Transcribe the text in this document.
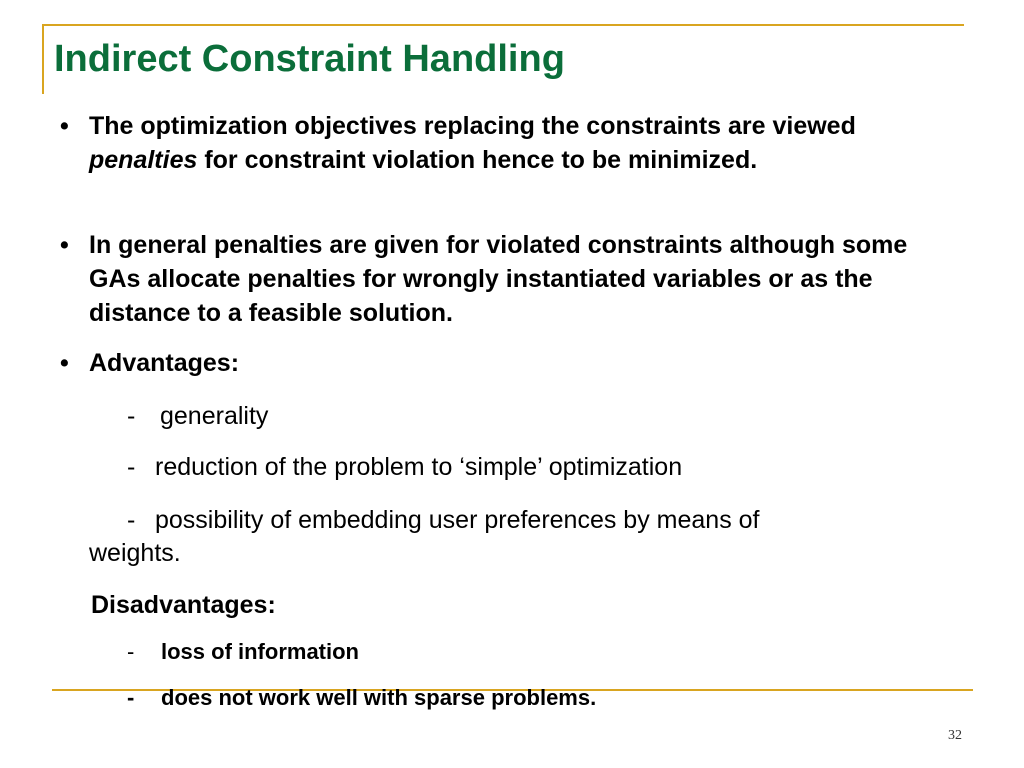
Indirect Constraint Handling
• The optimization objectives replacing the constraints are viewed penalties for constraint violation hence to be minimized.
• In general penalties are given for violated constraints although some GAs allocate penalties for wrongly instantiated variables or as the distance to a feasible solution.
• Advantages:
- generality
- reduction of the problem to ‘simple’ optimization
- possibility of embedding user preferences by means of
weights.
Disadvantages:
- loss of information
- does not work well with sparse problems.
32
